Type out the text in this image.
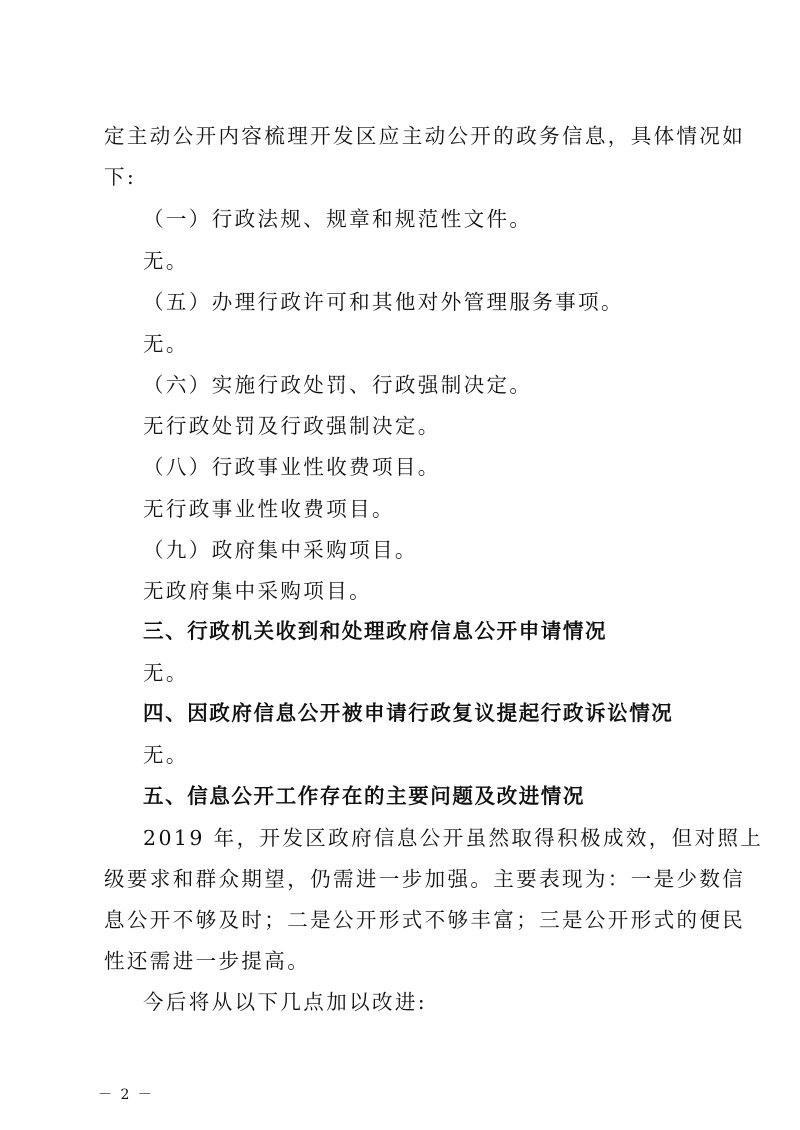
定主动公开内容梳理开发区应主动公开的政务信息，具体情况如

下:

（一）行政法规、规章和规范性文件。

无。

（五）办理行政许可和其他对外管理服务事项。

无。

（六）实施行政处罚、行政强制决定。

无行政处罚及行政强制决定。

（八）行政事业性收费项目。

无行政事业性收费项目。

（九）政府集中采购项目。

无政府集中采购项目。

三、行政机关收到和处理政府信息公开申请情况

无。

四、因政府信息公开被申请行政复议提起行政诉讼情况

无。

五、信息公开工作存在的主要问题及改进情况

2019 年，开发区政府信息公开虽然取得积极成效，但对照上

级要求和群众期望，仍需进一步加强。主要表现为：一是少数信

息公开不够及时；二是公开形式不够丰富；三是公开形式的便民

性还需进一步提高。

今后将从以下几点加以改进:

－ 2 －
